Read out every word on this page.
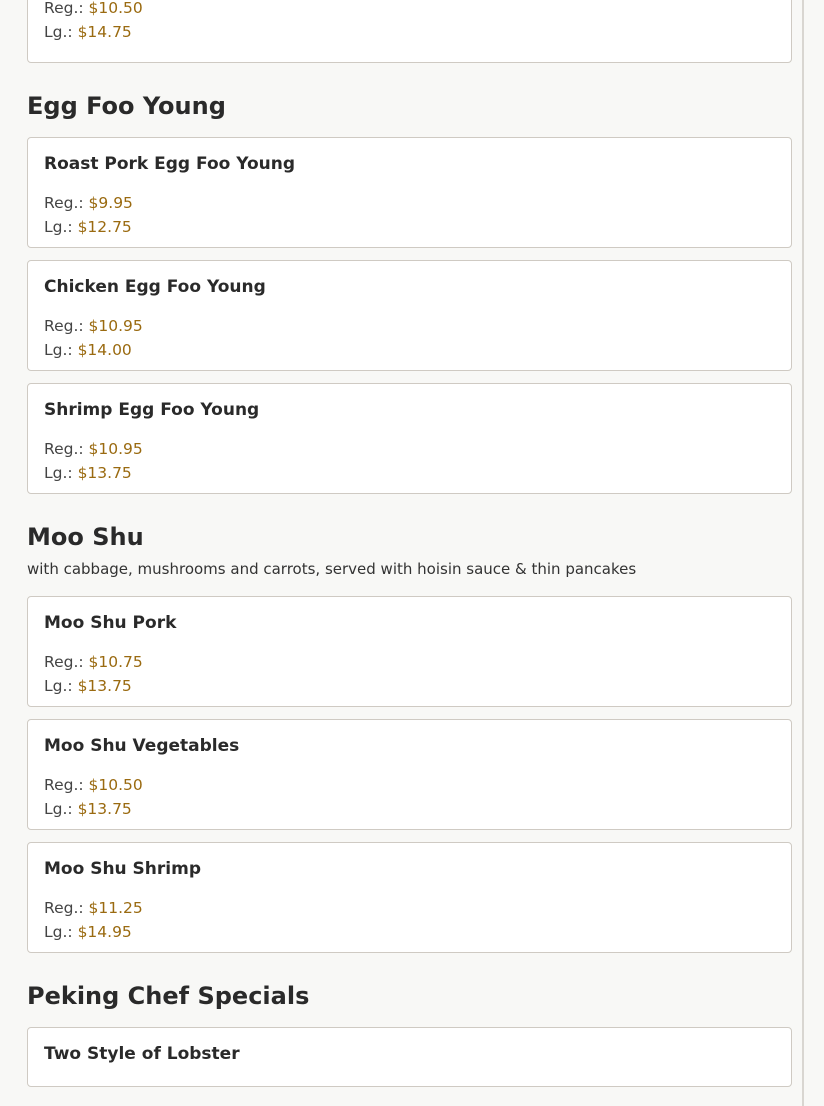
Reg.: $10.50
Lg.: $14.75
Egg Foo Young
Roast Pork Egg Foo Young
Reg.: $9.95
Lg.: $12.75
Chicken Egg Foo Young
Reg.: $10.95
Lg.: $14.00
Shrimp Egg Foo Young
Reg.: $10.95
Lg.: $13.75
Moo Shu
with cabbage, mushrooms and carrots, served with hoisin sauce & thin pancakes
Moo Shu Pork
Reg.: $10.75
Lg.: $13.75
Moo Shu Vegetables
Reg.: $10.50
Lg.: $13.75
Moo Shu Shrimp
Reg.: $11.25
Lg.: $14.95
Peking Chef Specials
Two Style of Lobster
